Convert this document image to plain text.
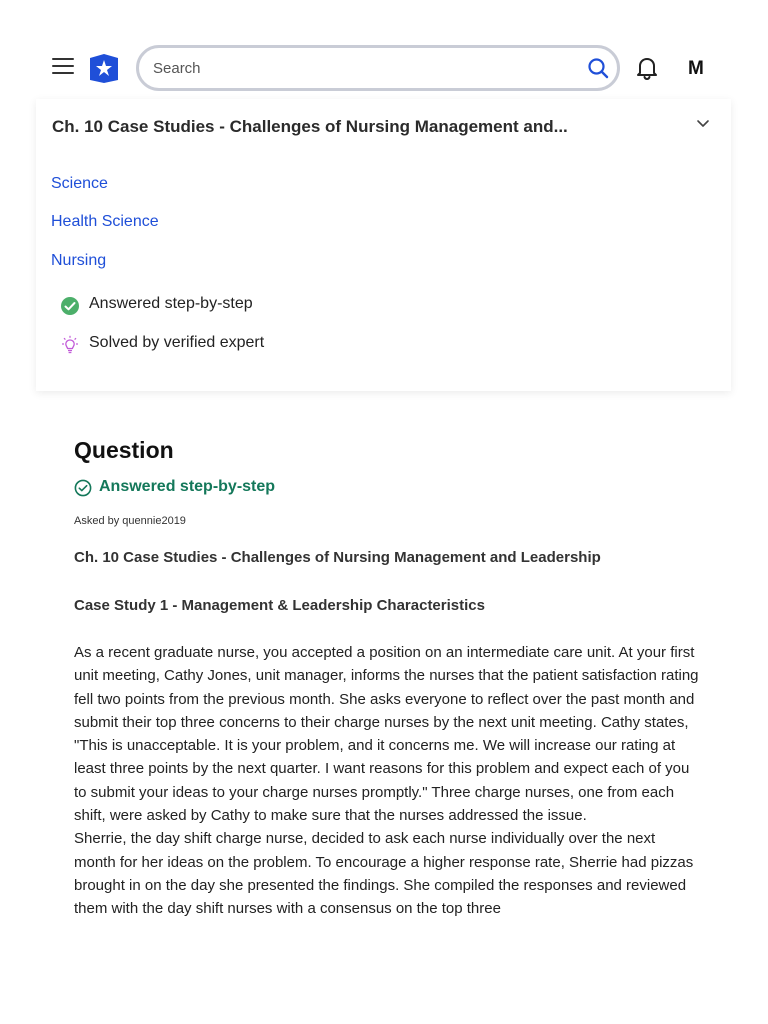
Search
M
Ch. 10 Case Studies - Challenges of Nursing Management and...
Science
Health Science
Nursing
Answered step-by-step
Solved by verified expert
Question
Answered step-by-step
Asked by quennie2019
Ch. 10 Case Studies - Challenges of Nursing Management and Leadership
Case Study 1 - Management & Leadership Characteristics

As a recent graduate nurse, you accepted a position on an intermediate care unit. At your first unit meeting, Cathy Jones, unit manager, informs the nurses that the patient satisfaction rating fell two points from the previous month. She asks everyone to reflect over the past month and submit their top three concerns to their charge nurses by the next unit meeting. Cathy states, "This is unacceptable. It is your problem, and it concerns me. We will increase our rating at least three points by the next quarter. I want reasons for this problem and expect each of you to submit your ideas to your charge nurses promptly." Three charge nurses, one from each shift, were asked by Cathy to make sure that the nurses addressed the issue.

Sherrie, the day shift charge nurse, decided to ask each nurse individually over the next month for her ideas on the problem. To encourage a higher response rate, Sherrie had pizzas brought in on the day she presented the findings. She compiled the responses and reviewed them with the day shift nurses with a consensus on the top three
